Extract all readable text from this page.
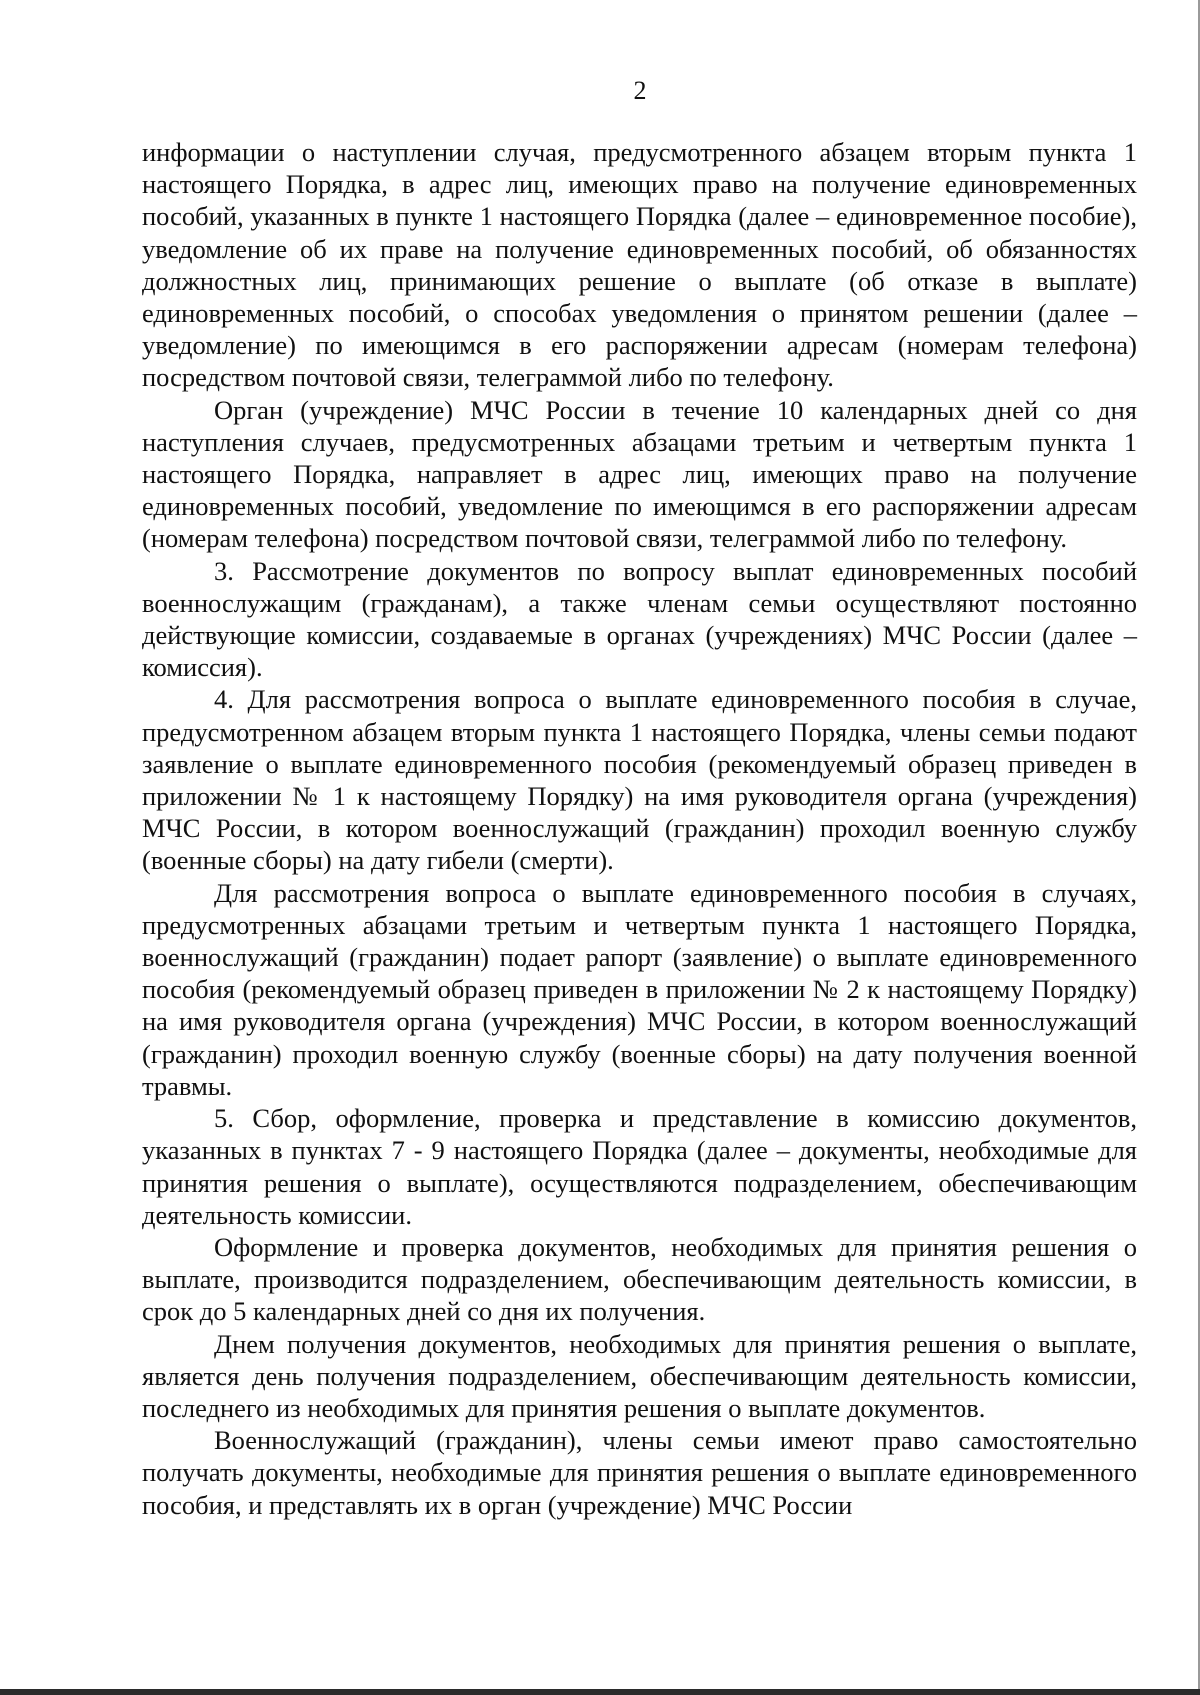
2

информации о наступлении случая, предусмотренного абзацем вторым пункта 1 настоящего Порядка, в адрес лиц, имеющих право на получение единовременных пособий, указанных в пункте 1 настоящего Порядка (далее – единовременное пособие), уведомление об их праве на получение единовременных пособий, об обязанностях должностных лиц, принимающих решение о выплате (об отказе в выплате) единовременных пособий, о способах уведомления о принятом решении (далее – уведомление) по имеющимся в его распоряжении адресам (номерам телефона) посредством почтовой связи, телеграммой либо по телефону.

Орган (учреждение) МЧС России в течение 10 календарных дней со дня наступления случаев, предусмотренных абзацами третьим и четвертым пункта 1 настоящего Порядка, направляет в адрес лиц, имеющих право на получение единовременных пособий, уведомление по имеющимся в его распоряжении адресам (номерам телефона) посредством почтовой связи, телеграммой либо по телефону.

3. Рассмотрение документов по вопросу выплат единовременных пособий военнослужащим (гражданам), а также членам семьи осуществляют постоянно действующие комиссии, создаваемые в органах (учреждениях) МЧС России (далее – комиссия).

4. Для рассмотрения вопроса о выплате единовременного пособия в случае, предусмотренном абзацем вторым пункта 1 настоящего Порядка, члены семьи подают заявление о выплате единовременного пособия (рекомендуемый образец приведен в приложении № 1 к настоящему Порядку) на имя руководителя органа (учреждения) МЧС России, в котором военнослужащий (гражданин) проходил военную службу (военные сборы) на дату гибели (смерти).

Для рассмотрения вопроса о выплате единовременного пособия в случаях, предусмотренных абзацами третьим и четвертым пункта 1 настоящего Порядка, военнослужащий (гражданин) подает рапорт (заявление) о выплате единовременного пособия (рекомендуемый образец приведен в приложении № 2 к настоящему Порядку) на имя руководителя органа (учреждения) МЧС России, в котором военнослужащий (гражданин) проходил военную службу (военные сборы) на дату получения военной травмы.

5. Сбор, оформление, проверка и представление в комиссию документов, указанных в пунктах 7 - 9 настоящего Порядка (далее – документы, необходимые для принятия решения о выплате), осуществляются подразделением, обеспечивающим деятельность комиссии.

Оформление и проверка документов, необходимых для принятия решения о выплате, производится подразделением, обеспечивающим деятельность комиссии, в срок до 5 календарных дней со дня их получения.

Днем получения документов, необходимых для принятия решения о выплате, является день получения подразделением, обеспечивающим деятельность комиссии, последнего из необходимых для принятия решения о выплате документов.

Военнослужащий (гражданин), члены семьи имеют право самостоятельно получать документы, необходимые для принятия решения о выплате единовременного пособия, и представлять их в орган (учреждение) МЧС России
